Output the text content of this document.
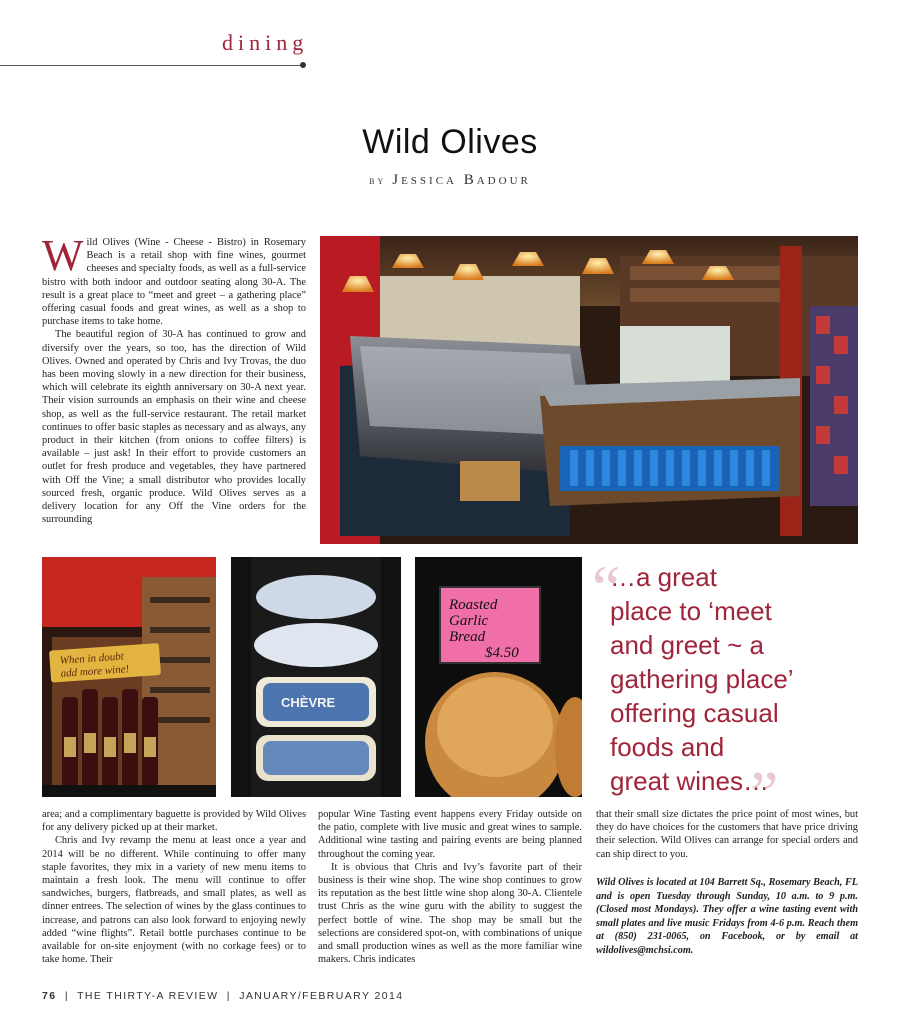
dining
Wild Olives
by Jessica Badour

Wild Olives (Wine - Cheese - Bistro) in Rosemary Beach is a retail shop with fine wines, gourmet cheeses and specialty foods, as well as a full-service bistro with both indoor and outdoor seating along 30-A. The result is a great place to “meet and greet – a gathering place” offering casual foods and great wines, as well as a shop to purchase items to take home.

The beautiful region of 30-A has continued to grow and diversify over the years, so too, has the direction of Wild Olives. Owned and operated by Chris and Ivy Trovas, the duo has been moving slowly in a new direction for their business, which will celebrate its eighth anniversary on 30-A next year. Their vision surrounds an emphasis on their wine and cheese shop, as well as the full-service restaurant. The retail market continues to offer basic staples as necessary and as always, any product in their kitchen (from onions to coffee filters) is available – just ask! In their effort to provide customers an outlet for fresh produce and vegetables, they have partnered with Off the Vine; a small distributor who provides locally sourced fresh, organic produce. Wild Olives serves as a delivery location for any Off the Vine orders for the surrounding

When in doubt
add more wine!
CHÈVRE
Roasted
Garlic
Bread
$4.50
“
…a great
place to ‘meet
and greet ~ a
gathering place’
offering casual
foods and
great wines…
”

area; and a complimentary baguette is provided by Wild Olives for any delivery picked up at their market.

Chris and Ivy revamp the menu at least once a year and 2014 will be no different. While continuing to offer many staple favorites, they mix in a variety of new menu items to maintain a fresh look. The menu will continue to offer sandwiches, burgers, flatbreads, and small plates, as well as dinner entrees. The selection of wines by the glass continues to increase, and patrons can also look forward to enjoying newly added “wine flights”. Retail bottle purchases continue to be available for on-site enjoyment (with no corkage fees) or to take home. Their

popular Wine Tasting event happens every Friday outside on the patio, complete with live music and great wines to sample. Additional wine tasting and pairing events are being planned throughout the coming year.

It is obvious that Chris and Ivy’s favorite part of their business is their wine shop. The wine shop continues to grow its reputation as the best little wine shop along 30-A. Clientele trust Chris as the wine guru with the ability to suggest the perfect bottle of wine. The shop may be small but the selections are considered spot-on, with combinations of unique and small production wines as well as the more familiar wine makers. Chris indicates

that their small size dictates the price point of most wines, but they do have choices for the customers that have price driving their selection. Wild Olives can arrange for special orders and can ship direct to you.

Wild Olives is located at 104 Barrett Sq., Rosemary Beach, FL and is open Tuesday through Sunday, 10 a.m. to 9 p.m. (Closed most Mondays). They offer a wine tasting event with small plates and live music Fridays from 4-6 p.m. Reach them at (850) 231-0065, on Facebook, or by email at wildolives@mchsi.com.
76 | THE THIRTY-A REVIEW | JANUARY/FEBRUARY 2014
